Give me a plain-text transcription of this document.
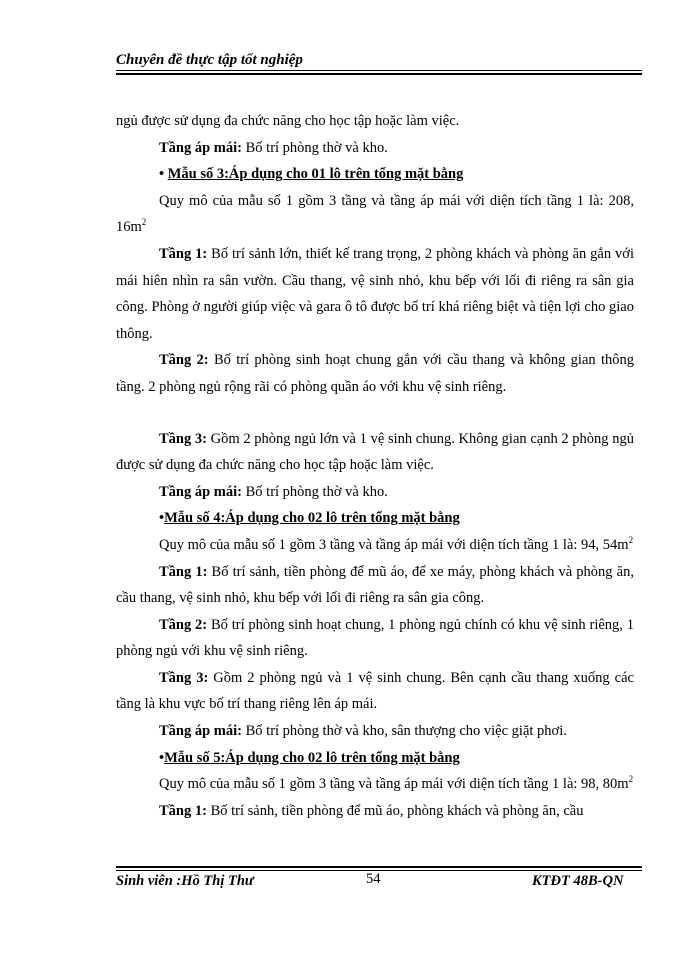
Chuyên đề thực tập tốt nghiệp

ngủ được sử dụng đa chức năng cho học tập hoặc làm việc.

Tầng áp mái: Bố trí phòng thờ và kho.

• Mẫu số 3:Áp dụng cho 01 lô trên tổng mặt bằng

Quy mô của mẫu số 1 gồm 3 tầng và tầng áp mái với diện tích tầng 1 là: 208, $16m^2$

Tầng 1: Bố trí sảnh lớn, thiết kế trang trọng, 2 phòng khách và phòng ăn gắn với mái hiên nhìn ra sân vườn. Cầu thang, vệ sinh nhỏ, khu bếp với lối đi riêng ra sân gia công. Phòng ở người giúp việc và gara ô tô được bố trí khá riêng biệt và tiện lợi cho giao thông.

Tầng 2: Bố trí phòng sinh hoạt chung gắn với cầu thang và không gian thông tầng. 2 phòng ngủ rộng rãi có phòng quần áo với khu vệ sinh riêng.

Tầng 3: Gồm 2 phòng ngủ lớn và 1 vệ sinh chung. Không gian cạnh 2 phòng ngủ được sử dụng đa chức năng cho học tập hoặc làm việc.

Tầng áp mái: Bố trí phòng thờ và kho.

•Mẫu số 4:Áp dụng cho 02 lô trên tổng mặt bằng

Quy mô của mẫu số 1 gồm 3 tầng và tầng áp mái với diện tích tầng 1 là: 94, $54m^2$

Tầng 1: Bố trí sảnh, tiền phòng để mũ áo, để xe máy, phòng khách và phòng ăn, cầu thang, vệ sinh nhỏ, khu bếp với lối đi riêng ra sân gia công.

Tầng 2: Bố trí phòng sinh hoạt chung, 1 phòng ngủ chính có khu vệ sinh riêng, 1 phòng ngủ với khu vệ sinh riêng.

Tầng 3: Gồm 2 phòng ngủ và 1 vệ sinh chung. Bên cạnh cầu thang xuống các tầng là khu vực bố trí thang riêng lên áp mái.

Tầng áp mái: Bố trí phòng thờ và kho, sân thượng cho việc giặt phơi.

•Mẫu số 5:Áp dụng cho 02 lô trên tổng mặt bằng

Quy mô của mẫu số 1 gồm 3 tầng và tầng áp mái với diện tích tầng 1 là: 98, $80m^2$

Tầng 1: Bố trí sảnh, tiền phòng để mũ áo, phòng khách và phòng ăn, cầu

Sinh viên :Hồ Thị Thư	54	KTĐT 48B-QN
